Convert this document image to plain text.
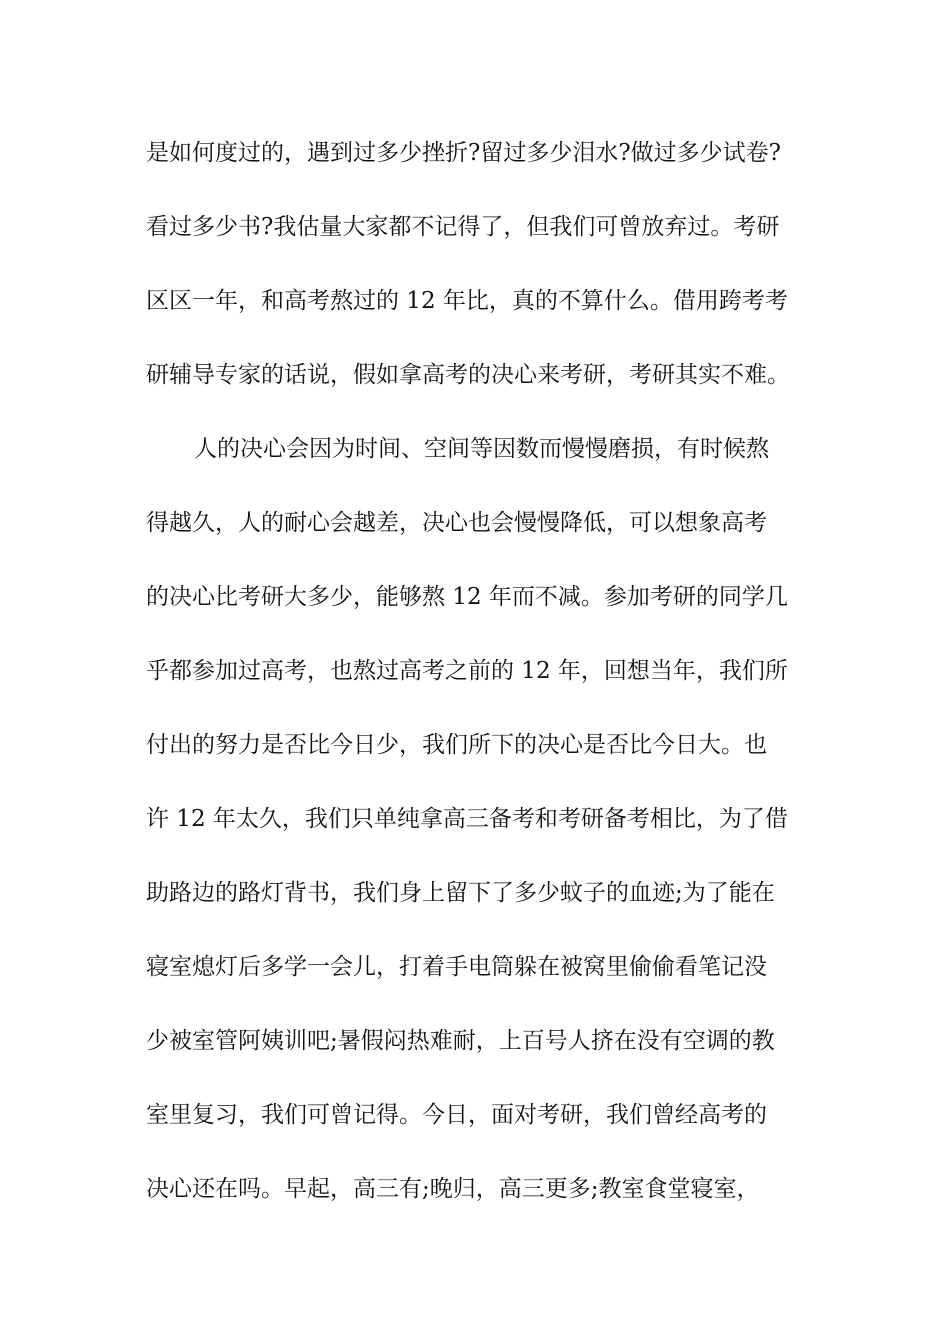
是如何度过的，遇到过多少挫折?留过多少泪水?做过多少试卷?
看过多少书?我估量大家都不记得了，但我们可曾放弃过。考研
区区一年，和高考熬过的 12 年比，真的不算什么。借用跨考考
研辅导专家的话说，假如拿高考的决心来考研，考研其实不难。
人的决心会因为时间、空间等因数而慢慢磨损，有时候熬
得越久，人的耐心会越差，决心也会慢慢降低，可以想象高考
的决心比考研大多少，能够熬 12 年而不减。参加考研的同学几
乎都参加过高考，也熬过高考之前的 12 年，回想当年，我们所
付出的努力是否比今日少，我们所下的决心是否比今日大。也
许 12 年太久，我们只单纯拿高三备考和考研备考相比，为了借
助路边的路灯背书，我们身上留下了多少蚊子的血迹;为了能在
寝室熄灯后多学一会儿，打着手电筒躲在被窝里偷偷看笔记没
少被室管阿姨训吧;暑假闷热难耐，上百号人挤在没有空调的教
室里复习，我们可曾记得。今日，面对考研，我们曾经高考的
决心还在吗。早起，高三有;晚归，高三更多;教室食堂寝室，
